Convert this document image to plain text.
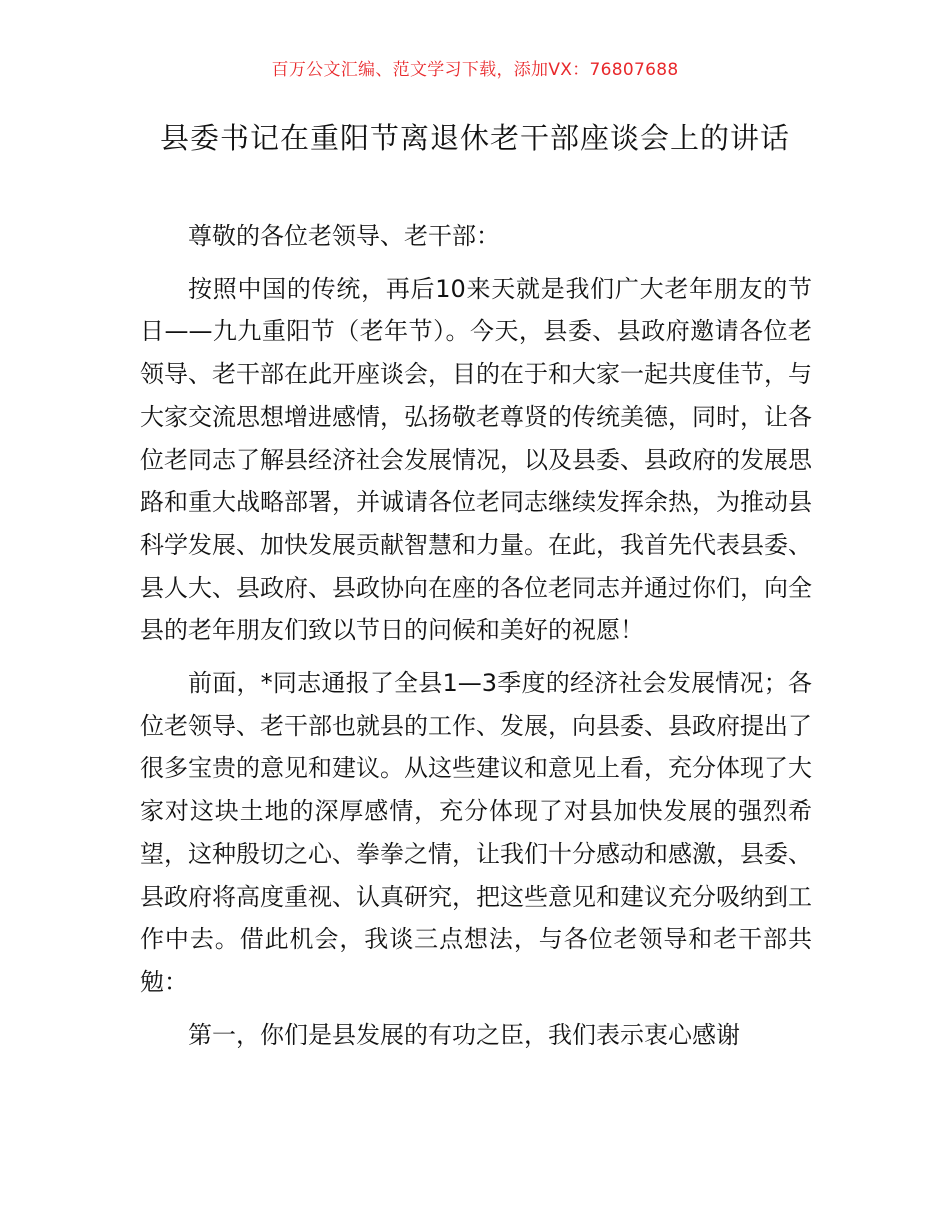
百万公文汇编、范文学习下载，添加VX：76807688
县委书记在重阳节离退休老干部座谈会上的讲话

尊敬的各位老领导、老干部：

按照中国的传统，再后10来天就是我们广大老年朋友的节日——九九重阳节（老年节）。今天，县委、县政府邀请各位老领导、老干部在此开座谈会，目的在于和大家一起共度佳节，与大家交流思想增进感情，弘扬敬老尊贤的传统美德，同时，让各位老同志了解县经济社会发展情况，以及县委、县政府的发展思路和重大战略部署，并诚请各位老同志继续发挥余热，为推动县科学发展、加快发展贡献智慧和力量。在此，我首先代表县委、县人大、县政府、县政协向在座的各位老同志并通过你们，向全县的老年朋友们致以节日的问候和美好的祝愿！

前面，*同志通报了全县1—3季度的经济社会发展情况；各位老领导、老干部也就县的工作、发展，向县委、县政府提出了很多宝贵的意见和建议。从这些建议和意见上看，充分体现了大家对这块土地的深厚感情，充分体现了对县加快发展的强烈希望，这种殷切之心、拳拳之情，让我们十分感动和感激，县委、县政府将高度重视、认真研究，把这些意见和建议充分吸纳到工作中去。借此机会，我谈三点想法，与各位老领导和老干部共勉：

第一，你们是县发展的有功之臣，我们表示衷心感谢
